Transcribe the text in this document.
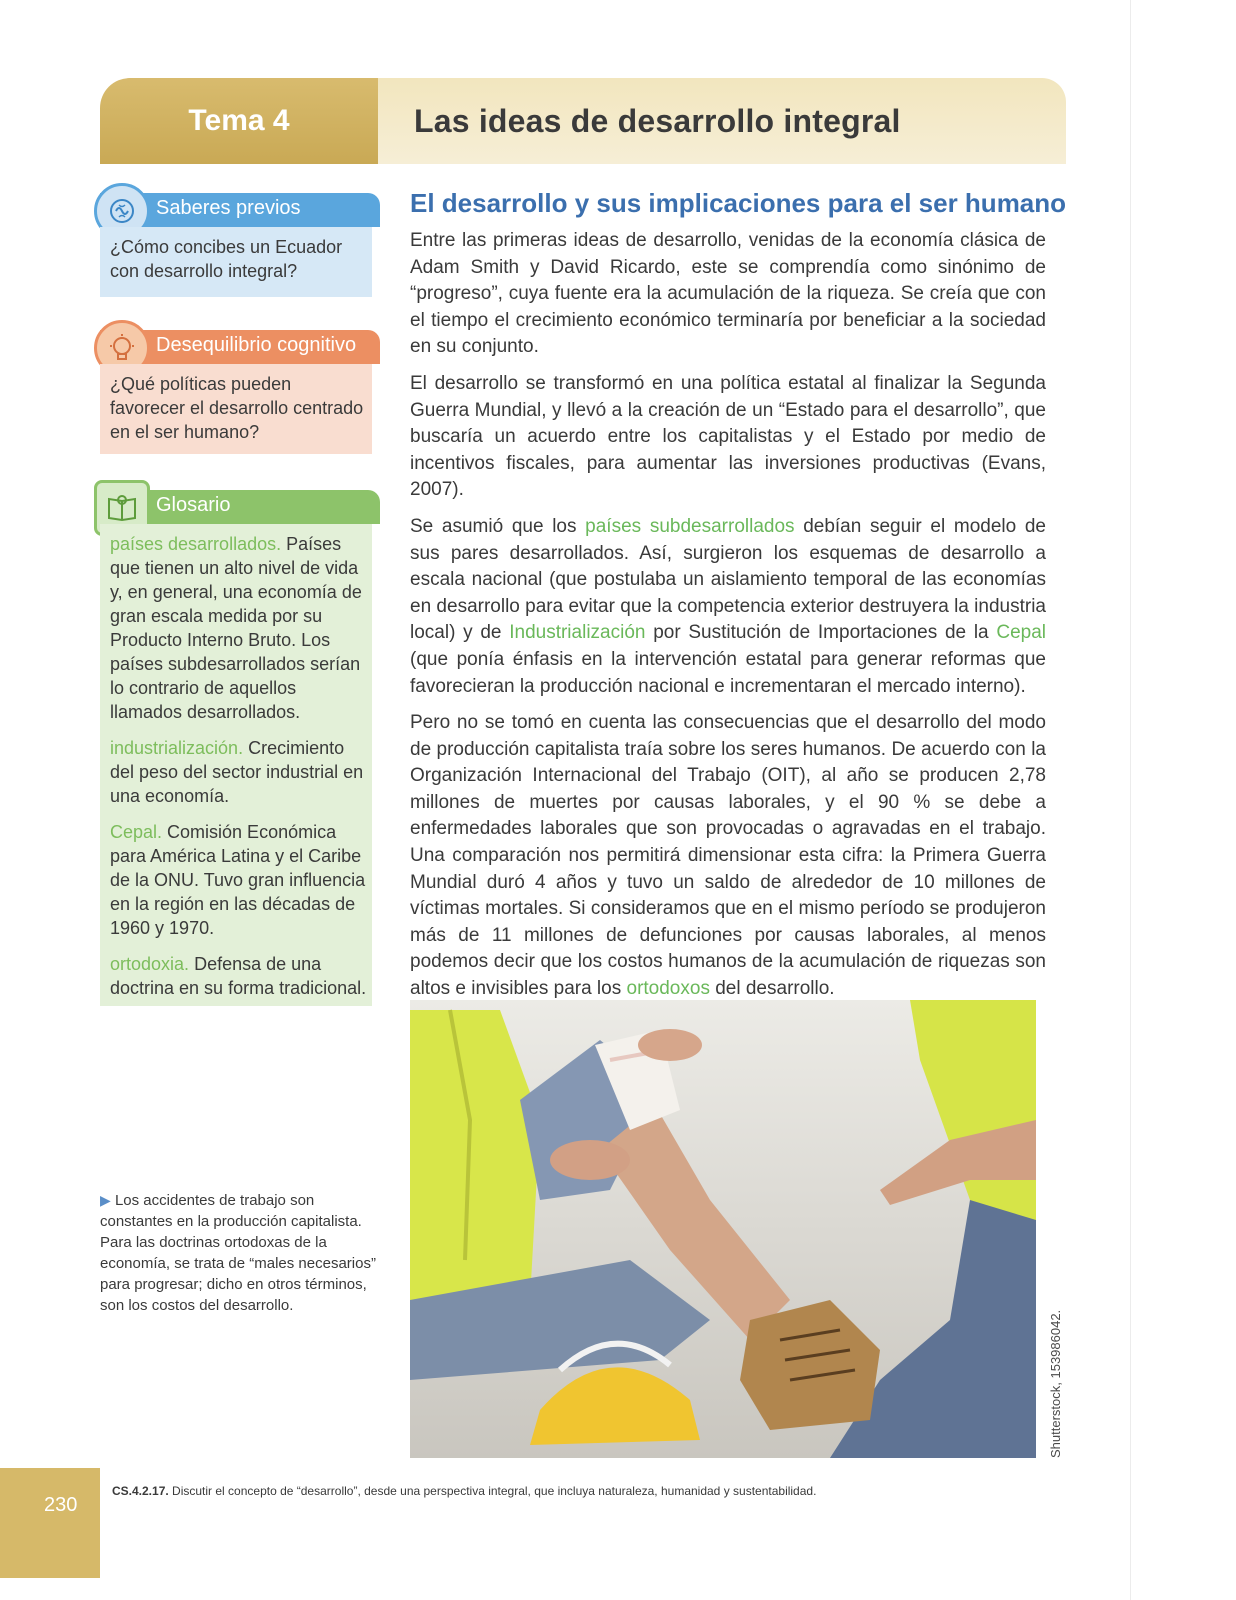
Tema 4	Las ideas de desarrollo integral
Saberes previos
¿Cómo concibes un Ecuador con desarrollo integral?
Desequilibrio cognitivo
¿Qué políticas pueden favorecer el desarrollo centrado en el ser humano?
Glosario

países desarrollados. Países que tienen un alto nivel de vida y, en general, una economía de gran escala medida por su Producto Interno Bruto. Los países subdesarrollados serían lo contrario de aquellos llamados desarrollados.

industrialización. Crecimiento del peso del sector industrial en una economía.

Cepal. Comisión Económica para América Latina y el Caribe de la ONU. Tuvo gran influencia en la región en las décadas de 1960 y 1970.

ortodoxia. Defensa de una doctrina en su forma tradicional.

El desarrollo y sus implicaciones para el ser humano

Entre las primeras ideas de desarrollo, venidas de la economía clásica de Adam Smith y David Ricardo, este se comprendía como sinónimo de “progreso”, cuya fuente era la acumulación de la riqueza. Se creía que con el tiempo el crecimiento económico terminaría por beneficiar a la sociedad en su conjunto.

El desarrollo se transformó en una política estatal al finalizar la Segunda Guerra Mundial, y llevó a la creación de un “Estado para el desarrollo”, que buscaría un acuerdo entre los capitalistas y el Estado por medio de incentivos fiscales, para aumentar las inversiones productivas (Evans, 2007).

Se asumió que los países subdesarrollados debían seguir el modelo de sus pares desarrollados. Así, surgieron los esquemas de desarrollo a escala nacional (que postulaba un aislamiento temporal de las economías en desarrollo para evitar que la competencia exterior destruyera la industria local) y de Industrialización por Sustitución de Importaciones de la Cepal (que ponía énfasis en la intervención estatal para generar reformas que favorecieran la producción nacional e incrementaran el mercado interno).

Pero no se tomó en cuenta las consecuencias que el desarrollo del modo de producción capitalista traía sobre los seres humanos. De acuerdo con la Organización Internacional del Trabajo (OIT), al año se producen 2,78 millones de muertes por causas laborales, y el 90 % se debe a enfermedades laborales que son provocadas o agravadas en el trabajo. Una comparación nos permitirá dimensionar esta cifra: la Primera Guerra Mundial duró 4 años y tuvo un saldo de alrededor de 10 millones de víctimas mortales. Si consideramos que en el mismo período se produjeron más de 11 millones de defunciones por causas laborales, al menos podemos decir que los costos humanos de la acumulación de riquezas son altos e invisibles para los ortodoxos del desarrollo.

Shutterstock, 153986042.
▶ Los accidentes de trabajo son constantes en la producción capitalista. Para las doctrinas ortodoxas de la economía, se trata de “males necesarios” para progresar; dicho en otros términos, son los costos del desarrollo.
CS.4.2.17. Discutir el concepto de “desarrollo”, desde una perspectiva integral, que incluya naturaleza, humanidad y sustentabilidad.
230
